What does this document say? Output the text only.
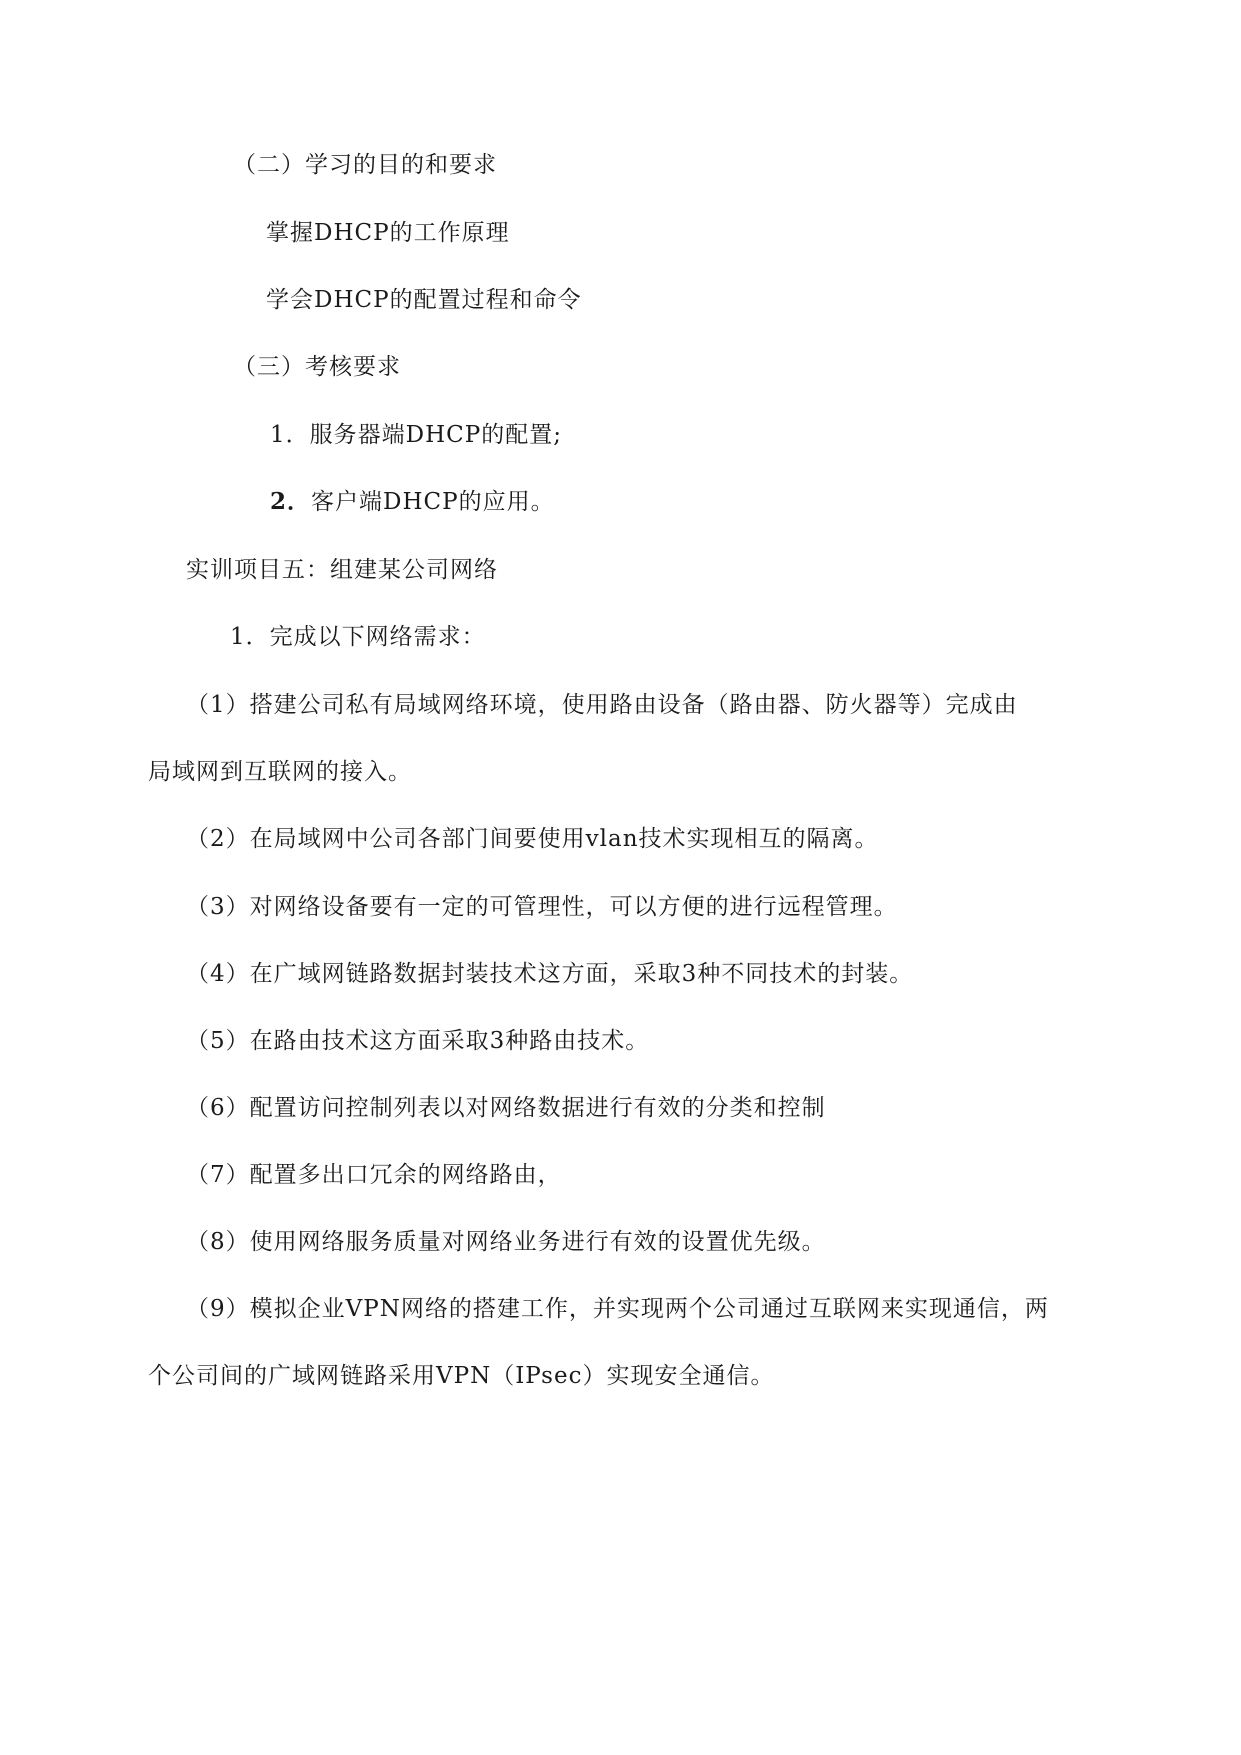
（二）学习的目的和要求
掌握DHCP的工作原理
学会DHCP的配置过程和命令
（三）考核要求
1．服务器端DHCP的配置;
2．客户端DHCP的应用。
实训项目五：组建某公司网络
1．完成以下网络需求：
（1）搭建公司私有局域网络环境，使用路由设备（路由器、防火器等）完成由
局域网到互联网的接入。
（2）在局域网中公司各部门间要使用vlan技术实现相互的隔离。
（3）对网络设备要有一定的可管理性，可以方便的进行远程管理。
（4）在广域网链路数据封装技术这方面，采取3种不同技术的封装。
（5）在路由技术这方面采取3种路由技术。
（6）配置访问控制列表以对网络数据进行有效的分类和控制
（7）配置多出口冗余的网络路由，
（8）使用网络服务质量对网络业务进行有效的设置优先级。
（9）模拟企业VPN网络的搭建工作，并实现两个公司通过互联网来实现通信，两
个公司间的广域网链路采用VPN（IPsec）实现安全通信。
